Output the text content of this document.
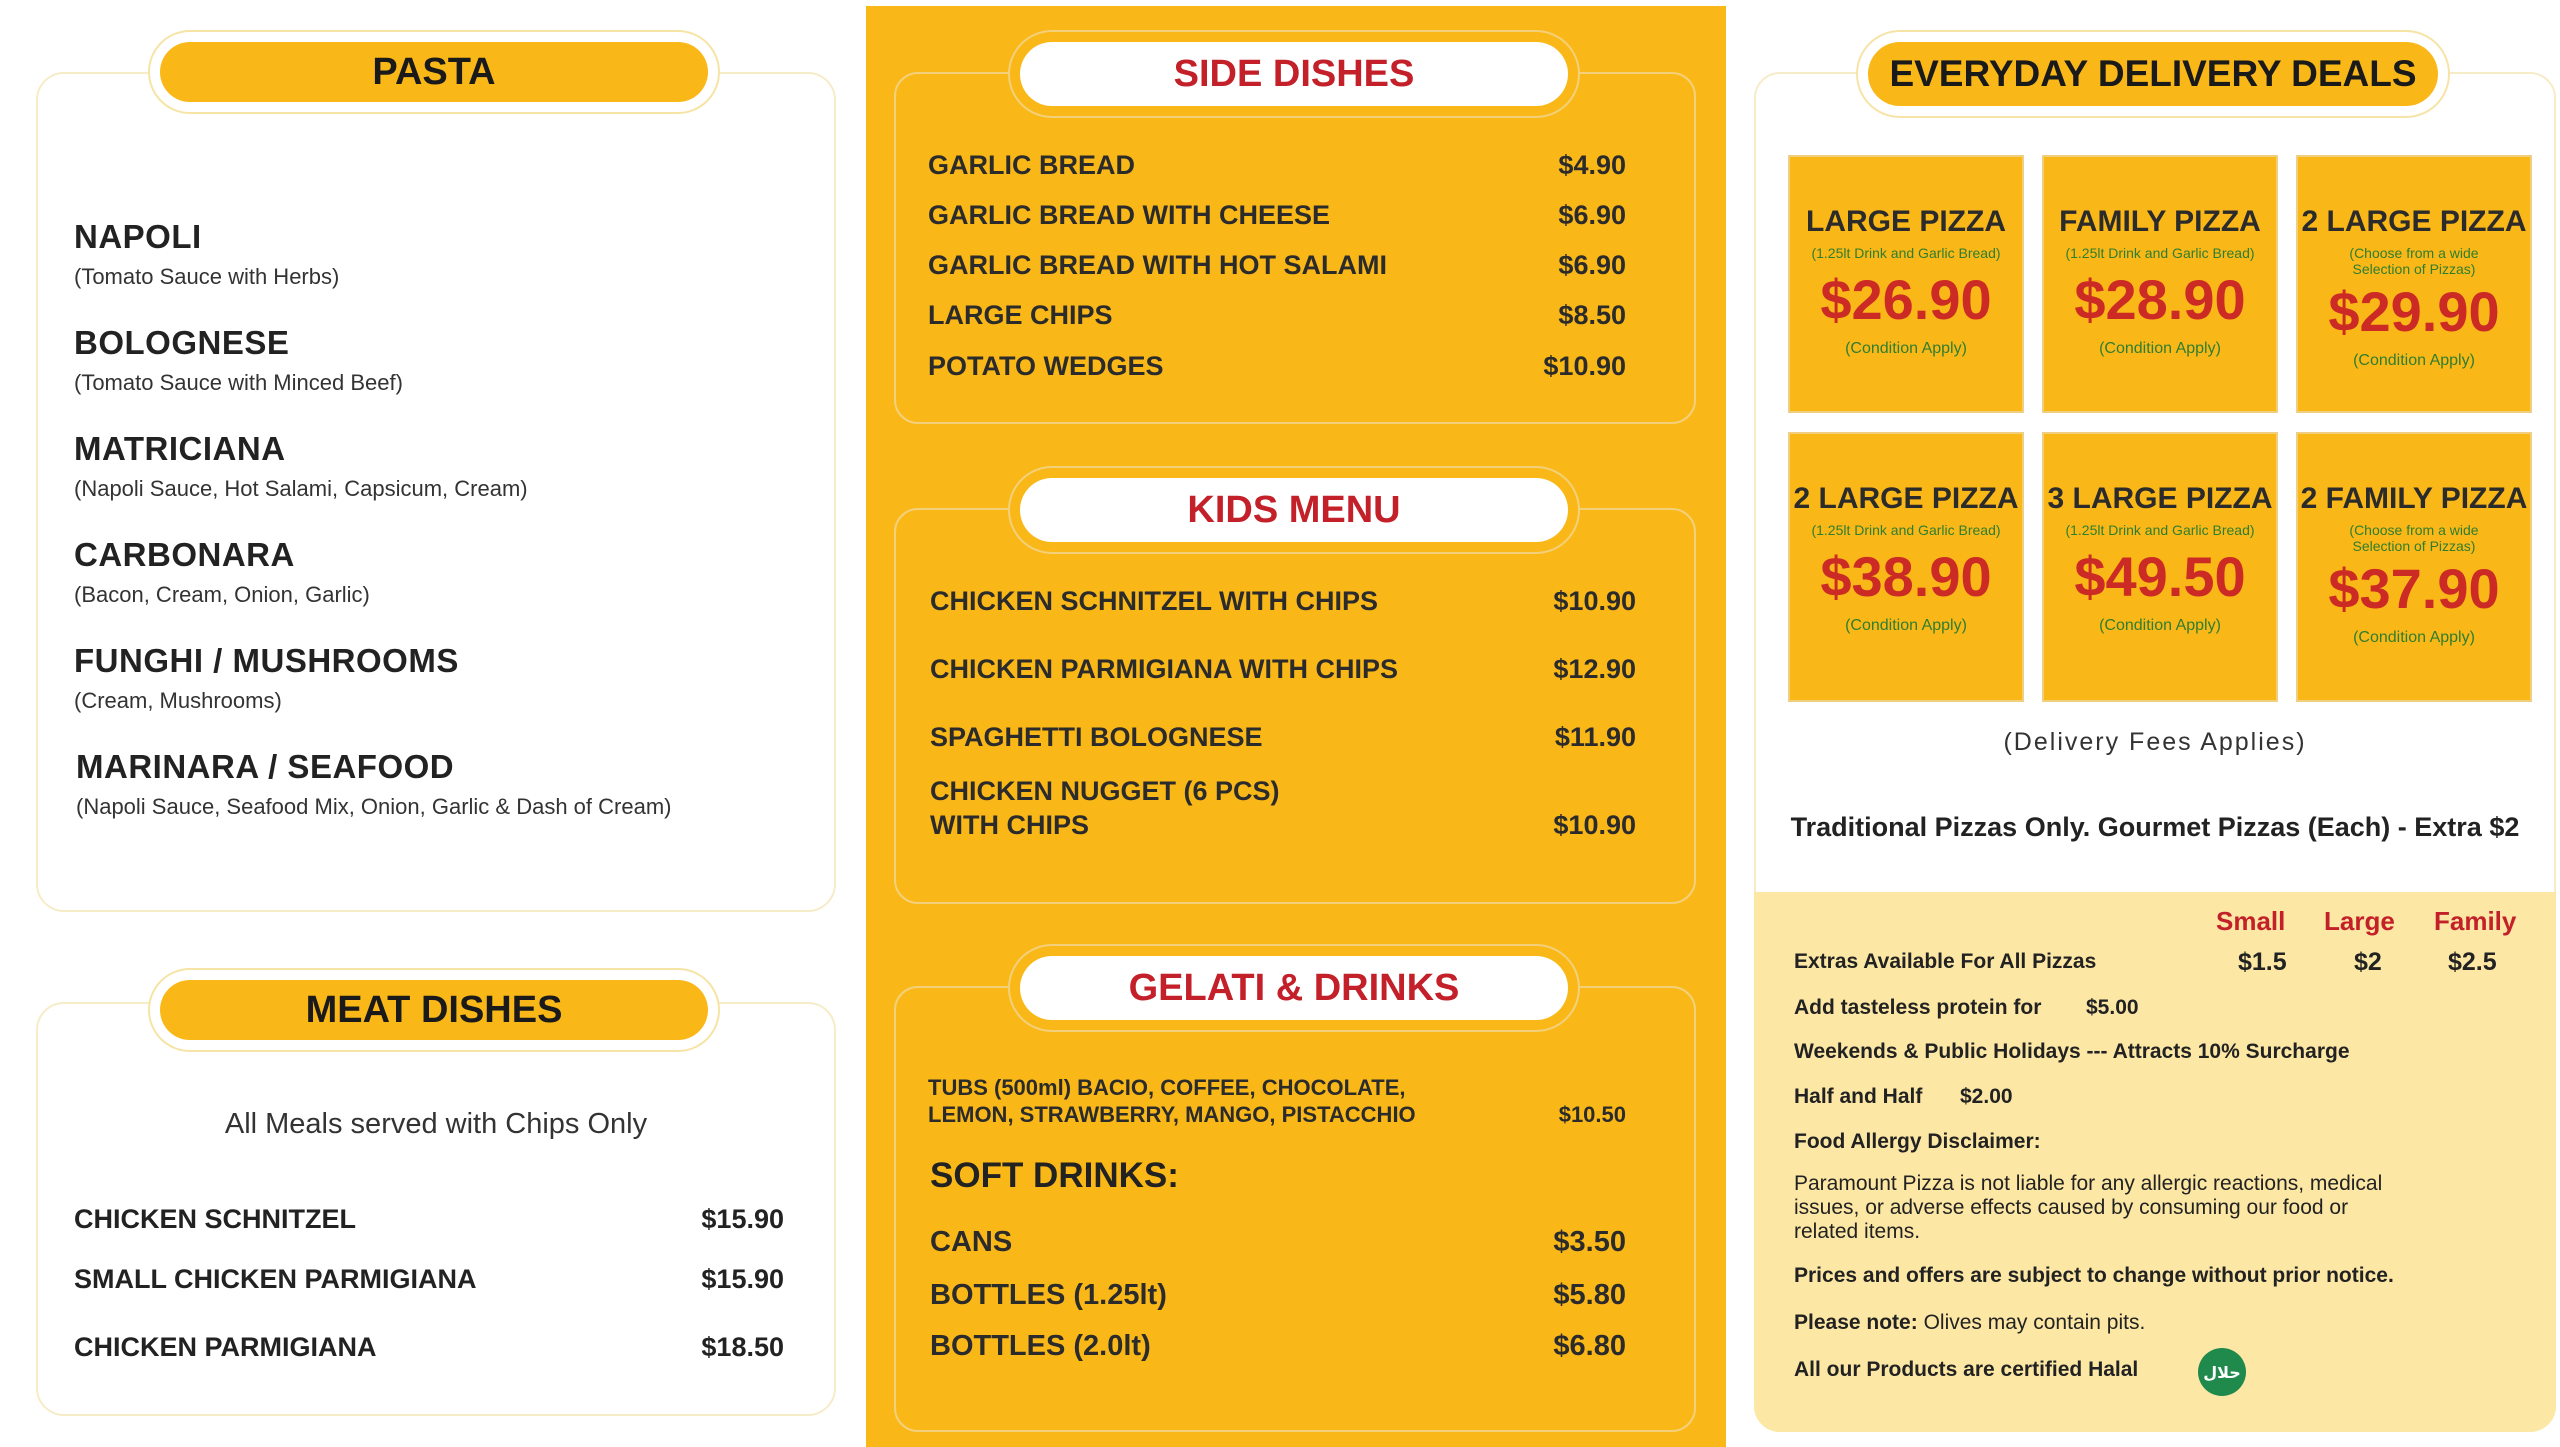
PASTA
NAPOLI
(Tomato Sauce with Herbs)
BOLOGNESE
(Tomato Sauce with Minced Beef)
MATRICIANA
(Napoli Sauce, Hot Salami, Capsicum, Cream)
CARBONARA
(Bacon, Cream, Onion, Garlic)
FUNGHI / MUSHROOMS
(Cream, Mushrooms)
MARINARA / SEAFOOD
(Napoli Sauce, Seafood Mix, Onion, Garlic & Dash of Cream)
MEAT DISHES
All Meals served with Chips Only
CHICKEN SCHNITZEL	$15.90
SMALL CHICKEN PARMIGIANA	$15.90
CHICKEN PARMIGIANA	$18.50
SIDE DISHES
GARLIC BREAD	$4.90
GARLIC BREAD WITH CHEESE	$6.90
GARLIC BREAD WITH HOT SALAMI	$6.90
LARGE CHIPS	$8.50
POTATO WEDGES	$10.90
KIDS MENU
CHICKEN SCHNITZEL WITH CHIPS	$10.90
CHICKEN PARMIGIANA WITH CHIPS	$12.90
SPAGHETTI BOLOGNESE	$11.90
CHICKEN NUGGET (6 PCS)
WITH CHIPS	$10.90
GELATI & DRINKS
TUBS (500ml) BACIO, COFFEE, CHOCOLATE,
LEMON, STRAWBERRY, MANGO, PISTACCHIO	$10.50
SOFT DRINKS:
CANS	$3.50
BOTTLES (1.25lt)	$5.80
BOTTLES (2.0lt)	$6.80
EVERYDAY DELIVERY DEALS
LARGE PIZZA
(1.25lt Drink and Garlic Bread)
$26.90
(Condition Apply)
FAMILY PIZZA
(1.25lt Drink and Garlic Bread)
$28.90
(Condition Apply)
2 LARGE PIZZA
(Choose from a wide Selection of Pizzas)
$29.90
(Condition Apply)
2 LARGE PIZZA
(1.25lt Drink and Garlic Bread)
$38.90
(Condition Apply)
3 LARGE PIZZA
(1.25lt Drink and Garlic Bread)
$49.50
(Condition Apply)
2 FAMILY PIZZA
(Choose from a wide Selection of Pizzas)
$37.90
(Condition Apply)
(Delivery Fees Applies)
Traditional Pizzas Only. Gourmet Pizzas (Each) - Extra $2
Small Large Family
Extras Available For All Pizzas	$1.5	$2	$2.5
Add tasteless protein for $5.00
Weekends & Public Holidays --- Attracts 10% Surcharge
Half and Half $2.00
Food Allergy Disclaimer:
Paramount Pizza is not liable for any allergic reactions, medical
issues, or adverse effects caused by consuming our food or
related items.
Prices and offers are subject to change without prior notice.
Please note: Olives may contain pits.
All our Products are certified Halal	حلال
